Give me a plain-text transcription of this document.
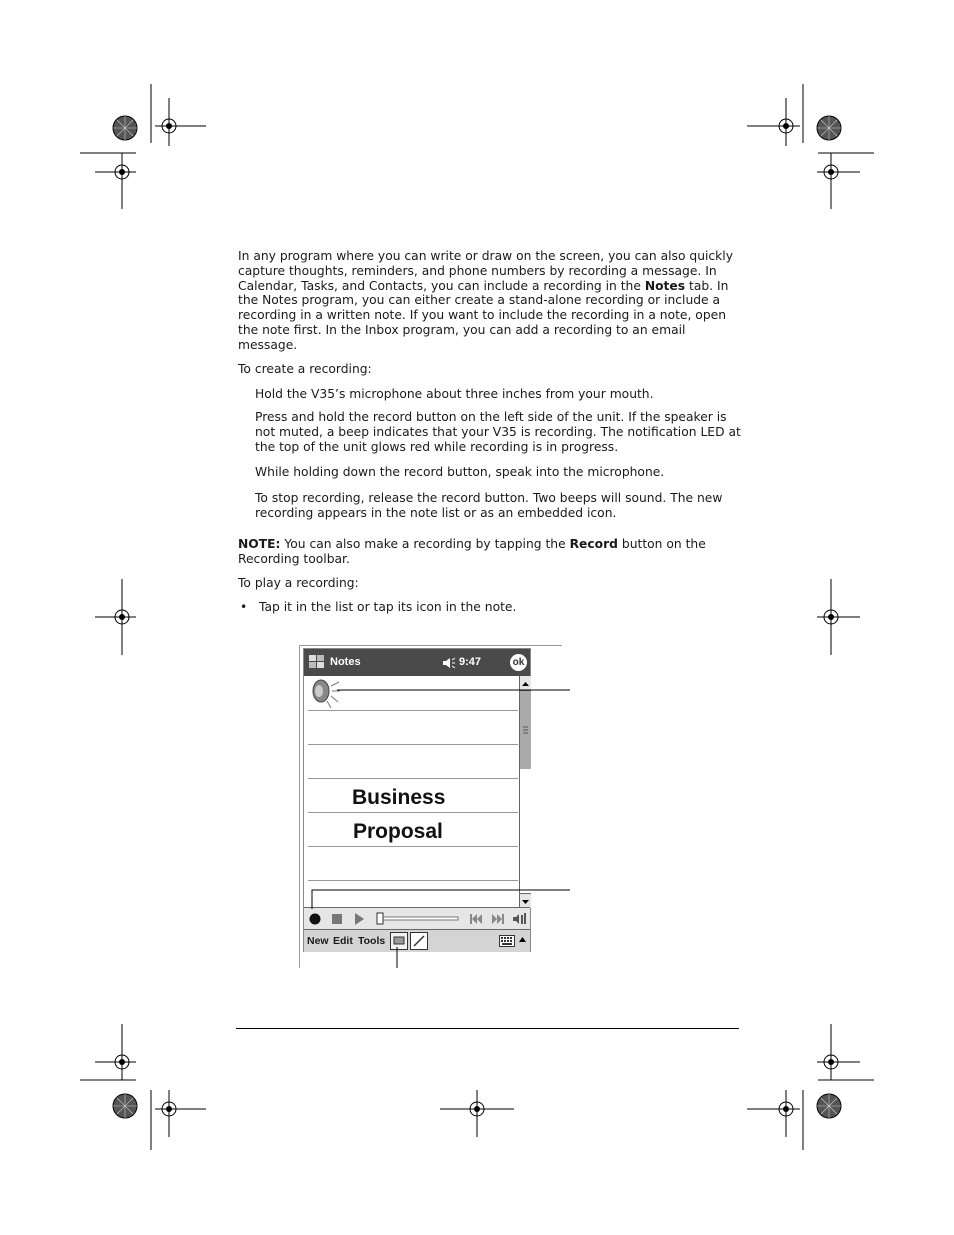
In any program where you can write or draw on the screen, you can also quickly capture thoughts, reminders, and phone numbers by recording a message. In Calendar, Tasks, and Contacts, you can include a recording in the Notes tab. In the Notes program, you can either create a stand-alone recording or include a recording in a written note. If you want to include the recording in a note, open the note first. In the Inbox program, you can add a recording to an email message.
To create a recording:
Hold the V35’s microphone about three inches from your mouth.
Press and hold the record button on the left side of the unit. If the speaker is not muted, a beep indicates that your V35 is recording. The notification LED at the top of the unit glows red while recording is in progress.
While holding down the record button, speak into the microphone.
To stop recording, release the record button. Two beeps will sound. The new recording appears in the note list or as an embedded icon.
NOTE: You can also make a recording by tapping the Record button on the Recording toolbar.
To play a recording:
• Tap it in the list or tap its icon in the note.
Notes	9:47	ok
Business
Proposal
New Edit Tools
